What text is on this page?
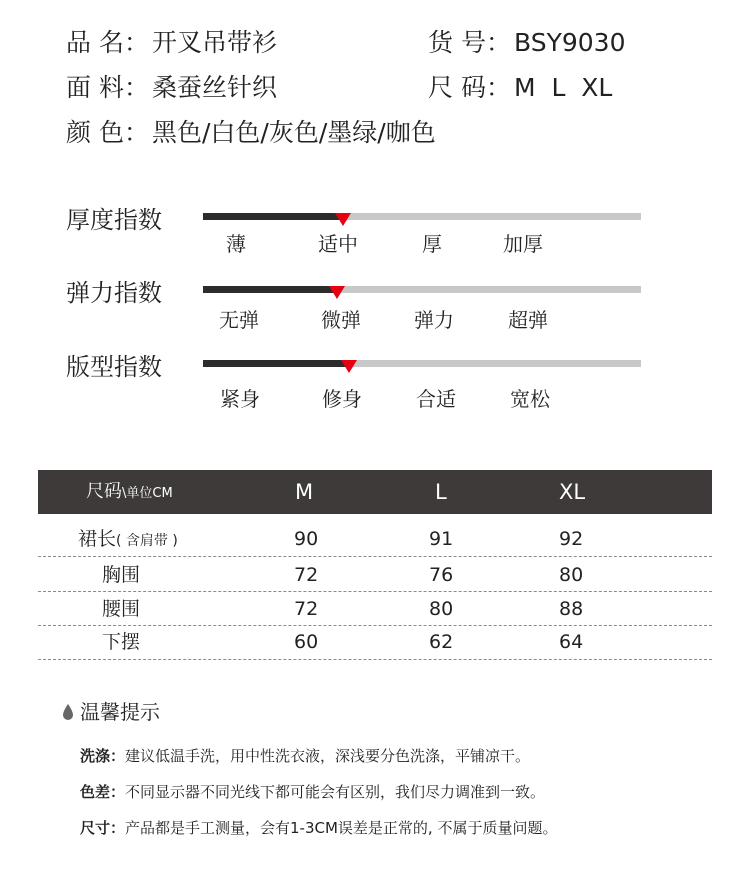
品 名： 开叉吊带衫	货 号： BSY9030
面 料： 桑蚕丝针织	尺 码： M  L  XL
颜 色： 黑色/白色/灰色/墨绿/咖色
厚度指数
薄	适中	厚	加厚
弹力指数
无弹	微弹	弹力	超弹
版型指数
紧身	修身	合适	宽松
尺码\单位CM	M	L	XL
裙长( 含肩带 )	90	91	92
胸围	72	76	80
腰围	72	80	88
下摆	60	62	64
温馨提示
洗涤：建议低温手洗，用中性洗衣液，深浅要分色洗涤，平铺凉干。
色差：不同显示器不同光线下都可能会有区别，我们尽力调准到一致。
尺寸：产品都是手工测量，会有1-3CM误差是正常的, 不属于质量问题。
